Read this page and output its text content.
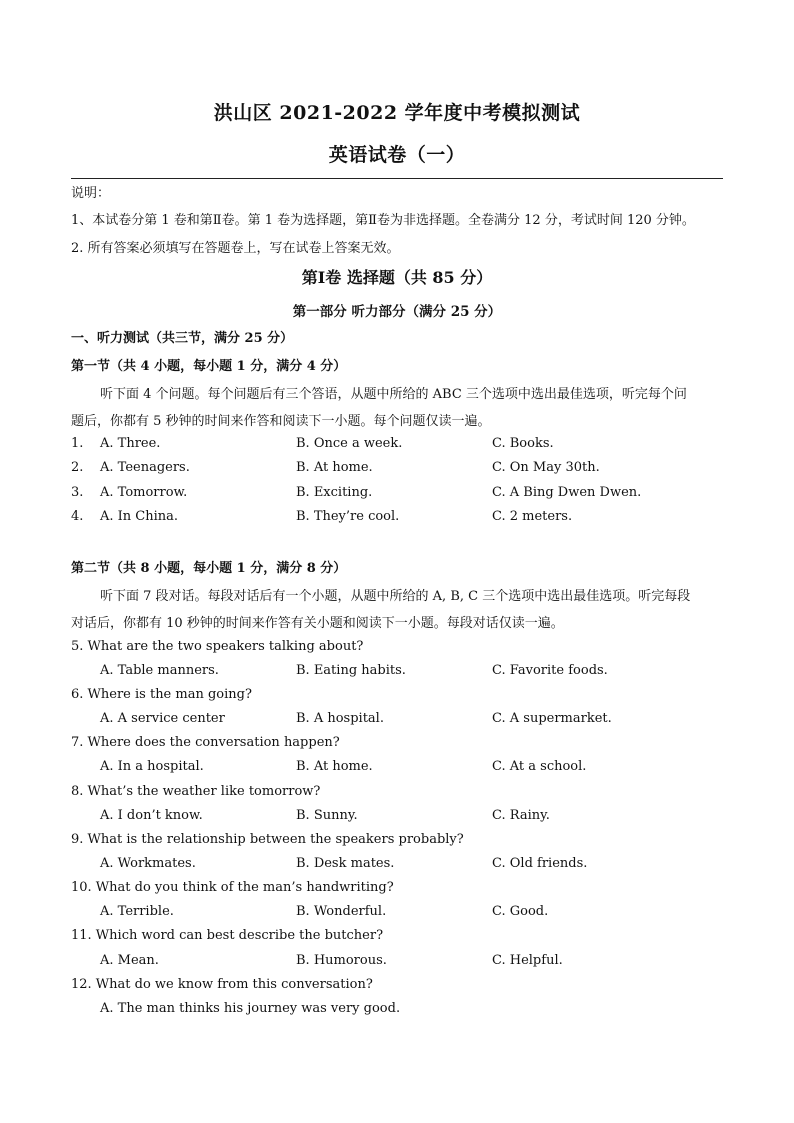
洪山区 2021-2022 学年度中考模拟测试
英语试卷（一）
说明：
1、本试卷分第 1 卷和第Ⅱ卷。第 1 卷为选择题，第Ⅱ卷为非选择题。全卷满分 12 分，考试时间 120 分钟。
2. 所有答案必须填写在答题卷上，写在试卷上答案无效。
第Ⅰ卷 选择题（共 85 分）
第一部分 听力部分（满分 25 分）
一、听力测试（共三节，满分 25 分）
第一节（共 4 小题，每小题 1 分，满分 4 分）
听下面 4 个问题。每个问题后有三个答语，从题中所给的 ABC 三个选项中选出最佳选项，听完每个问
题后，你都有 5 秒钟的时间来作答和阅读下一小题。每个问题仅读一遍。
1. A. Three.	B. Once a week.	C. Books.
2. A. Teenagers.	B. At home.	C. On May 30th.
3. A. Tomorrow.	B. Exciting.	C. A Bing Dwen Dwen.
4. A. In China.	B. They’re cool.	C. 2 meters.
第二节（共 8 小题，每小题 1 分，满分 8 分）
听下面 7 段对话。每段对话后有一个小题，从题中所给的 A, B, C 三个选项中选出最佳选项。听完每段
对话后，你都有 10 秒钟的时间来作答有关小题和阅读下一小题。每段对话仅读一遍。
5. What are the two speakers talking about?
A. Table manners.	B. Eating habits.	C. Favorite foods.
6. Where is the man going?
A. A service center	B. A hospital.	C. A supermarket.
7. Where does the conversation happen?
A. In a hospital.	B. At home.	C. At a school.
8. What’s the weather like tomorrow?
A. I don’t know.	B. Sunny.	C. Rainy.
9. What is the relationship between the speakers probably?
A. Workmates.	B. Desk mates.	C. Old friends.
10. What do you think of the man’s handwriting?
A. Terrible.	B. Wonderful.	C. Good.
11. Which word can best describe the butcher?
A. Mean.	B. Humorous.	C. Helpful.
12. What do we know from this conversation?
A. The man thinks his journey was very good.
